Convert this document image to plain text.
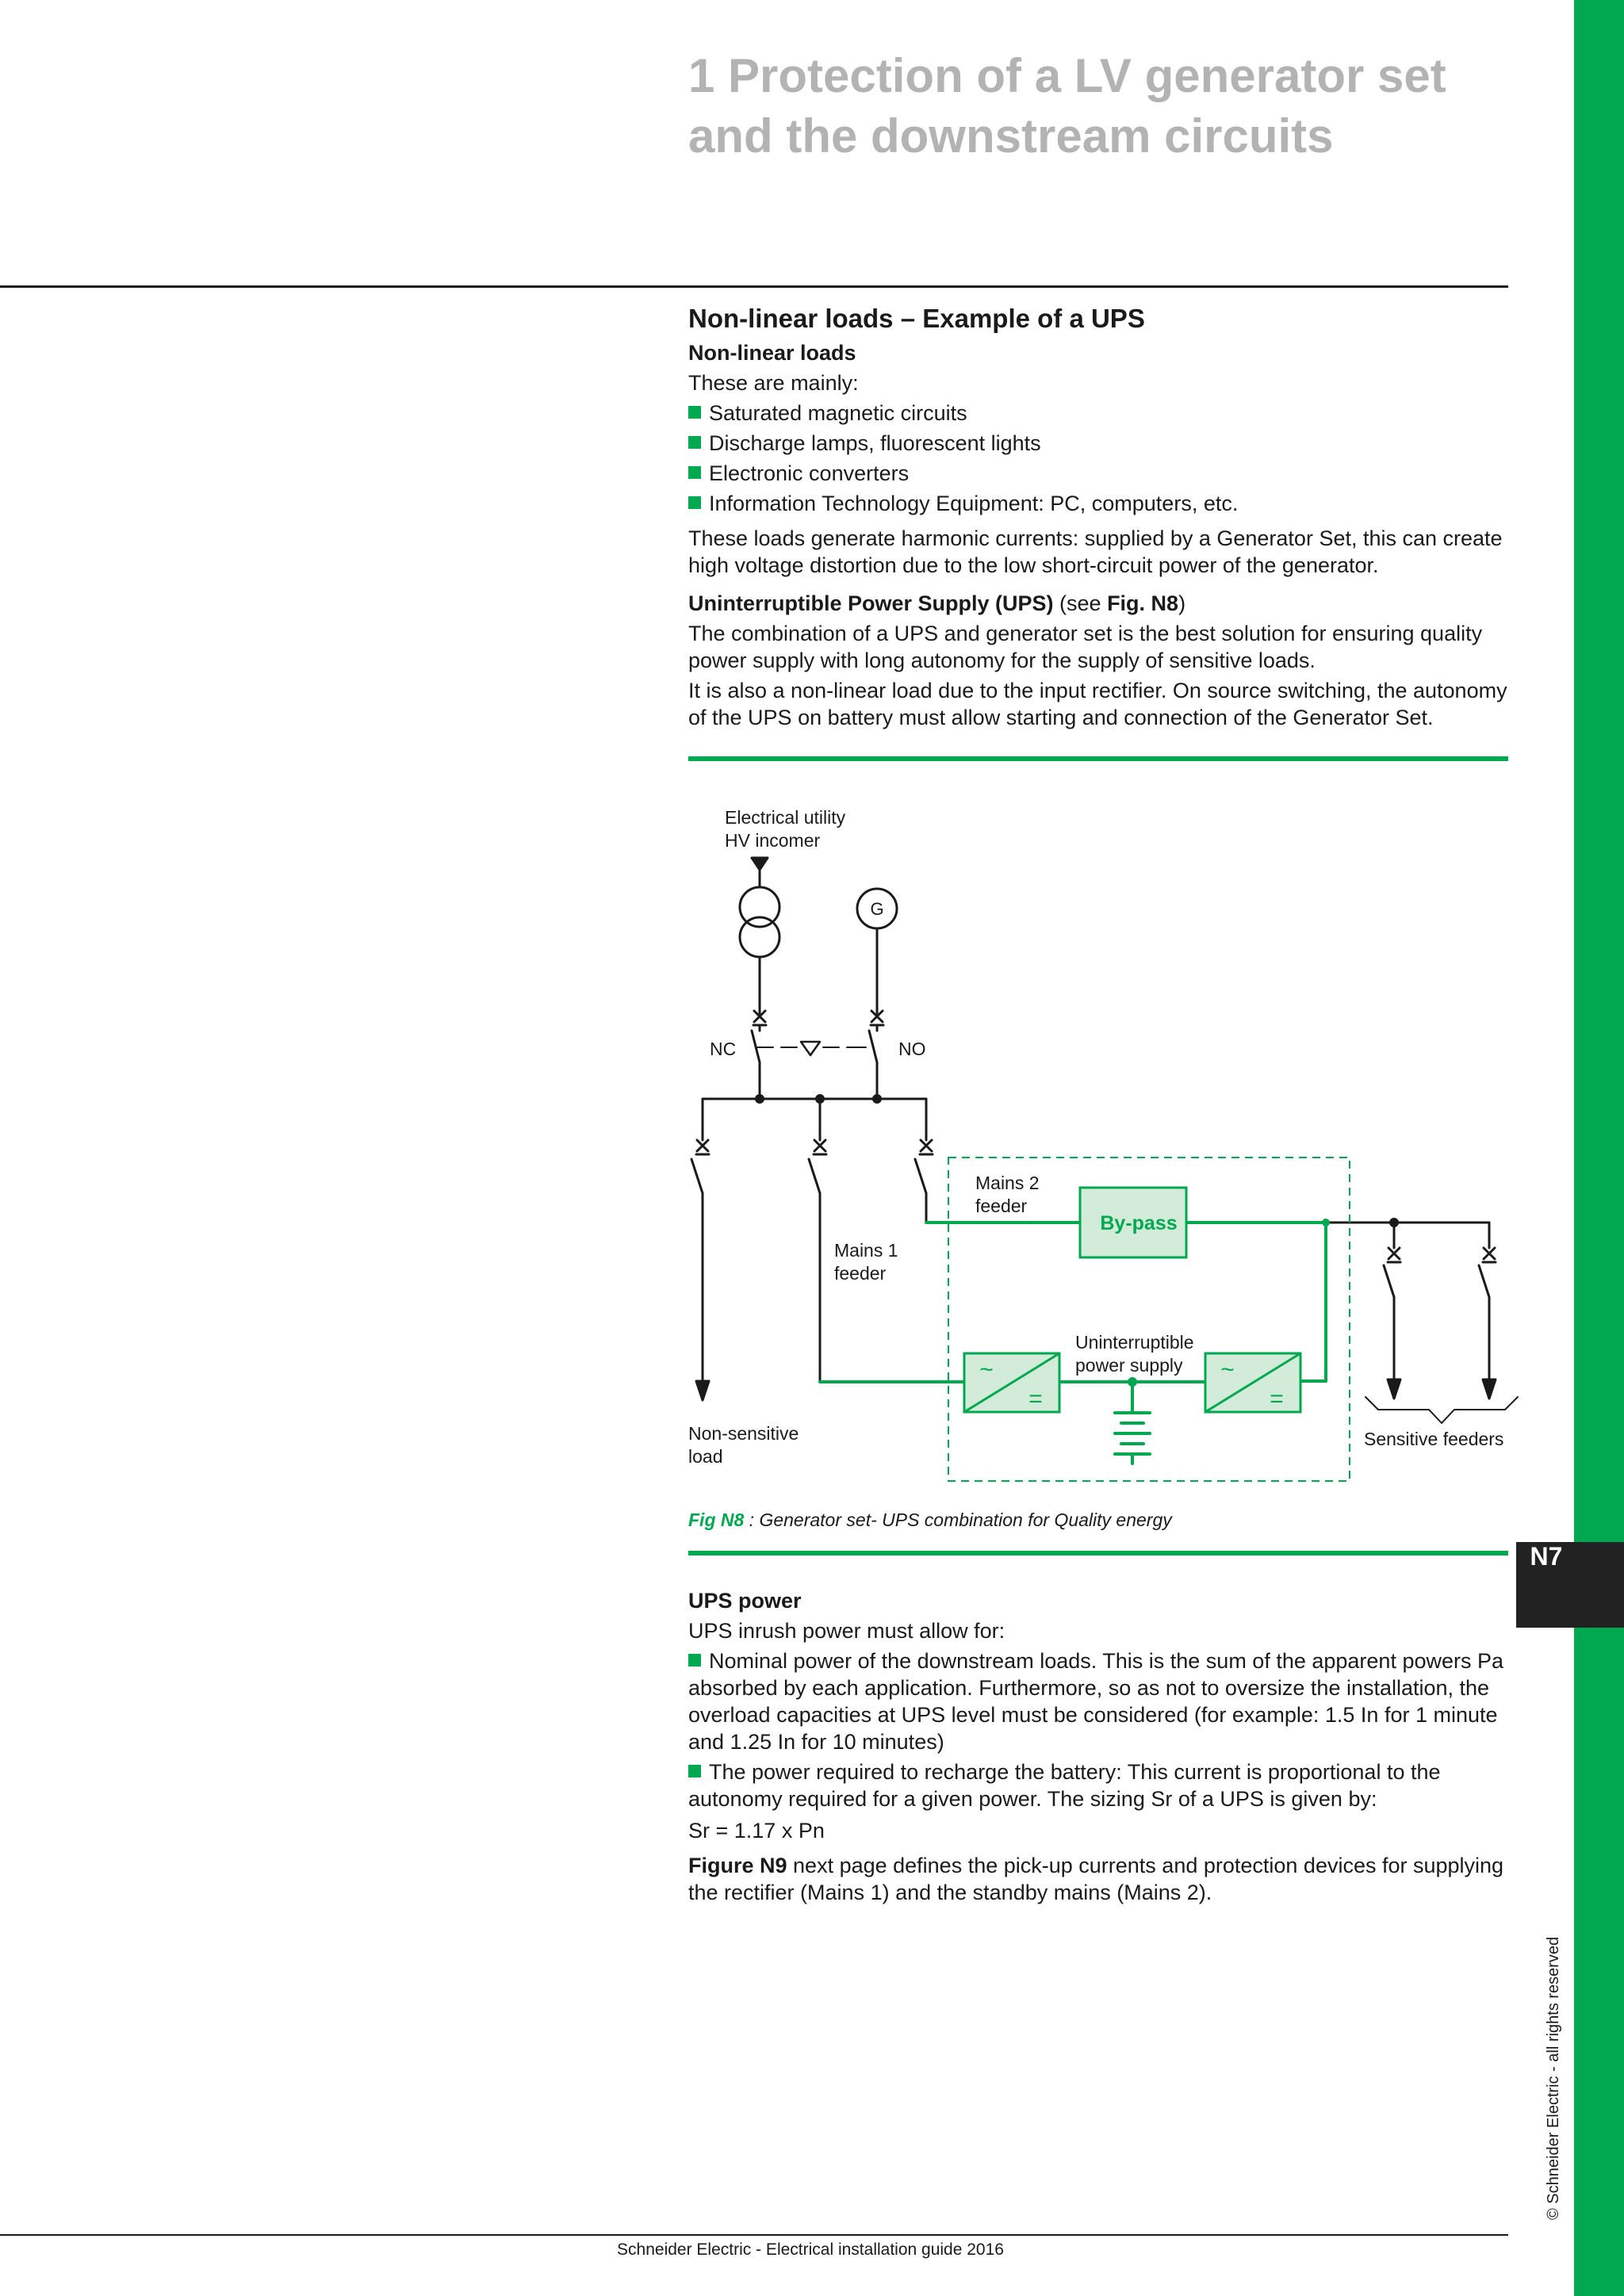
N7
© Schneider Electric - all rights reserved
1 Protection of a LV generator set and the downstream circuits
Non-linear loads – Example of a UPS

Non-linear loads

These are mainly:

Saturated magnetic circuits

Discharge lamps, fluorescent lights

Electronic converters

Information Technology Equipment: PC, computers, etc.

These loads generate harmonic currents: supplied by a Generator Set, this can create high voltage distortion due to the low short-circuit power of the generator.

Uninterruptible Power Supply (UPS) (see Fig. N8)

The combination of a UPS and generator set is the best solution for ensuring quality power supply with long autonomy for the supply of sensitive loads.

It is also a non-linear load due to the input rectifier. On source switching, the autonomy of the UPS on battery must allow starting and connection of the Generator Set.

By-pass
~
=
~
=
Electrical utility
HV incomer
G
NC	NO
Mains 2
feeder
Mains 1
feeder
Uninterruptible
power supply
Non-sensitive
load
Sensitive feeders
Fig N8 : Generator set- UPS combination for Quality energy

UPS power

UPS inrush power must allow for:

Nominal power of the downstream loads. This is the sum of the apparent powers Pa absorbed by each application. Furthermore, so as not to oversize the installation, the overload capacities at UPS level must be considered (for example: 1.5 In for 1 minute and 1.25 In for 10 minutes)

The power required to recharge the battery: This current is proportional to the autonomy required for a given power. The sizing Sr of a UPS is given by:

Sr = 1.17 x Pn

Figure N9 next page defines the pick-up currents and protection devices for supplying the rectifier (Mains 1) and the standby mains (Mains 2).

Schneider Electric - Electrical installation guide 2016
